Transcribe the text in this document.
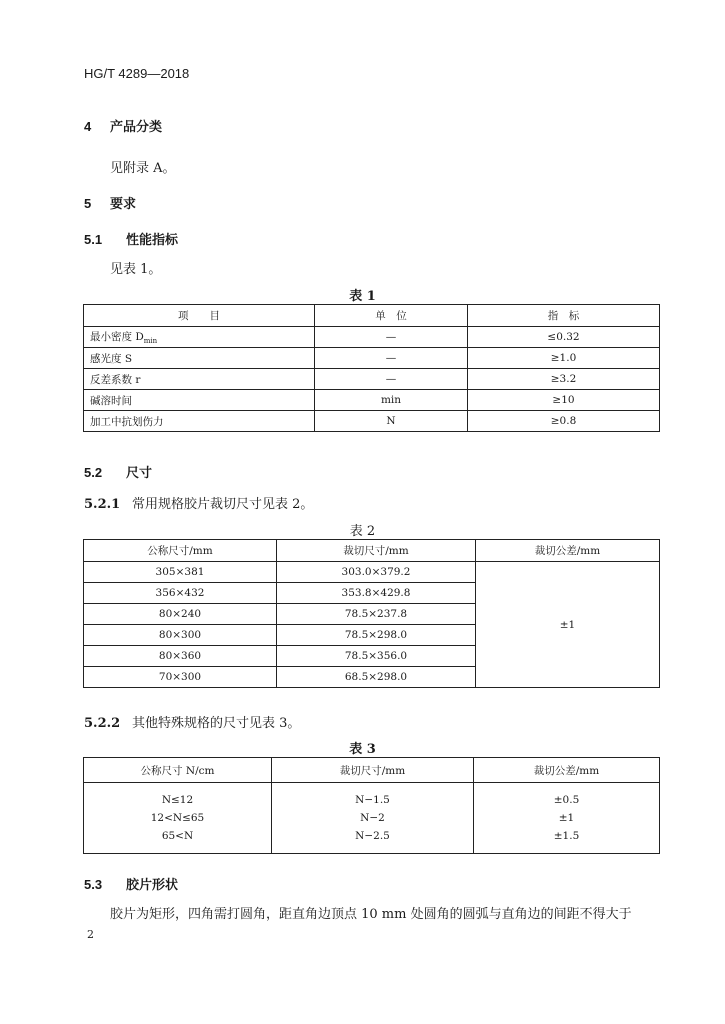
HG/T 4289—2018
4 产品分类
见附录 A。
5 要求
5.1 性能指标
见表 1。
表 1
项　　目	单　位	指　标
最小密度 $D_{min}$	—	≤0.32
感光度 S	—	≥1.0
反差系数 r	—	≥3.2
碱溶时间	min	≥10
加工中抗划伤力	N	≥0.8
5.2 尺寸
5.2.1 常用规格胶片裁切尺寸见表 2。
表 2
公称尺寸/mm	裁切尺寸/mm	裁切公差/mm
305×381	303.0×379.2	±1
356×432	353.8×429.8	
80×240	78.5×237.8	
80×300	78.5×298.0	
80×360	78.5×356.0	
70×300	68.5×298.0	
5.2.2 其他特殊规格的尺寸见表 3。
表 3
公称尺寸 N/cm	裁切尺寸/mm	裁切公差/mm
N≤12	N−1.5	±0.5
12<N≤65	N−2	±1
65<N	N−2.5	±1.5
5.3 胶片形状
胶片为矩形，四角需打圆角，距直角边顶点 10 mm 处圆角的圆弧与直角边的间距不得大于
2
